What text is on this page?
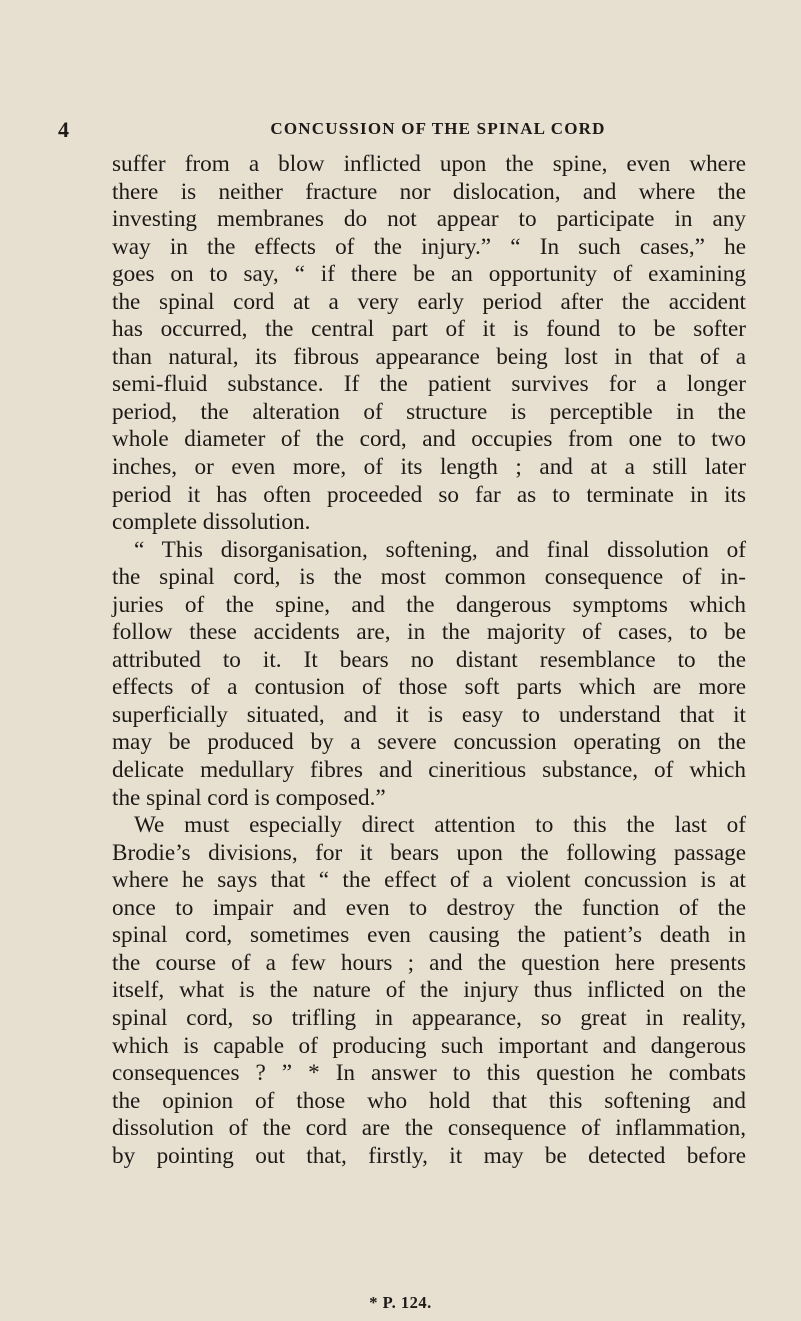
4	CONCUSSION OF THE SPINAL CORD
suffer from a blow inflicted upon the spine, even where
there is neither fracture nor dislocation, and where the
investing membranes do not appear to participate in any
way in the effects of the injury.” “ In such cases,” he
goes on to say, “ if there be an opportunity of examining
the spinal cord at a very early period after the accident
has occurred, the central part of it is found to be softer
than natural, its fibrous appearance being lost in that of a
semi-fluid substance. If the patient survives for a longer
period, the alteration of structure is perceptible in the
whole diameter of the cord, and occupies from one to two
inches, or even more, of its length ; and at a still later
period it has often proceeded so far as to terminate in its
complete dissolution.
“ This disorganisation, softening, and final dissolution of
the spinal cord, is the most common consequence of in-
juries of the spine, and the dangerous symptoms which
follow these accidents are, in the majority of cases, to be
attributed to it. It bears no distant resemblance to the
effects of a contusion of those soft parts which are more
superficially situated, and it is easy to understand that it
may be produced by a severe concussion operating on the
delicate medullary fibres and cineritious substance, of which
the spinal cord is composed.”
We must especially direct attention to this the last of
Brodie’s divisions, for it bears upon the following passage
where he says that “ the effect of a violent concussion is at
once to impair and even to destroy the function of the
spinal cord, sometimes even causing the patient’s death in
the course of a few hours ; and the question here presents
itself, what is the nature of the injury thus inflicted on the
spinal cord, so trifling in appearance, so great in reality,
which is capable of producing such important and dangerous
consequences ? ” * In answer to this question he combats
the opinion of those who hold that this softening and
dissolution of the cord are the consequence of inflammation,
by pointing out that, firstly, it may be detected before
* P. 124.
